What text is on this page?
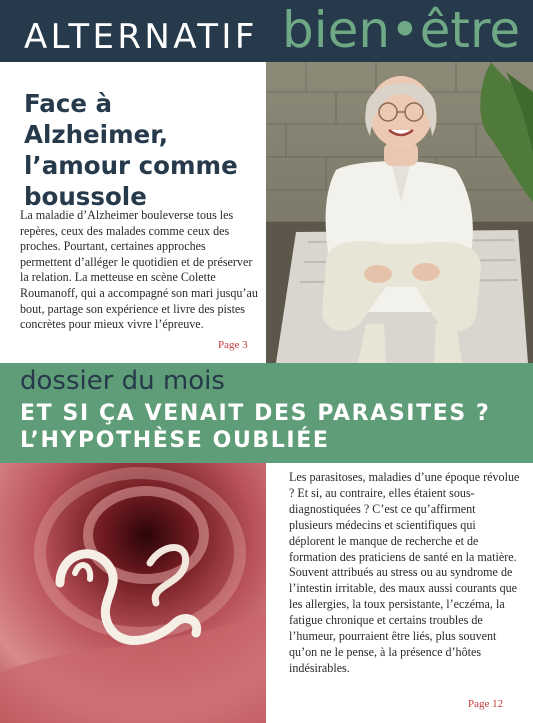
ALTERNATIF bien•être
Face à Alzheimer, l’amour comme boussole

La maladie d’Alzheimer bouleverse tous les repères, ceux des malades comme ceux des proches. Pourtant, certaines approches permettent d’alléger le quotidien et de préserver la relation. La metteuse en scène Colette Roumanoff, qui a accompagné son mari jusqu’au bout, partage son expérience et livre des pistes concrètes pour mieux vivre l’épreuve.

Page 3
dossier du mois
ET SI ÇA VENAIT DES PARASITES ?
L’HYPOTHÈSE OUBLIÉE

Les parasitoses, maladies d’une époque révolue ? Et si, au contraire, elles étaient sous-diagnostiquées ? C’est ce qu’affirment plusieurs médecins et scientifiques qui déplorent le manque de recherche et de formation des praticiens de santé en la matière. Souvent attribués au stress ou au syndrome de l’intestin irritable, des maux aussi courants que les allergies, la toux persistante, l’eczéma, la fatigue chronique et certains troubles de l’humeur, pourraient être liés, plus souvent qu’on ne le pense, à la présence d’hôtes indésirables.

Page 12
